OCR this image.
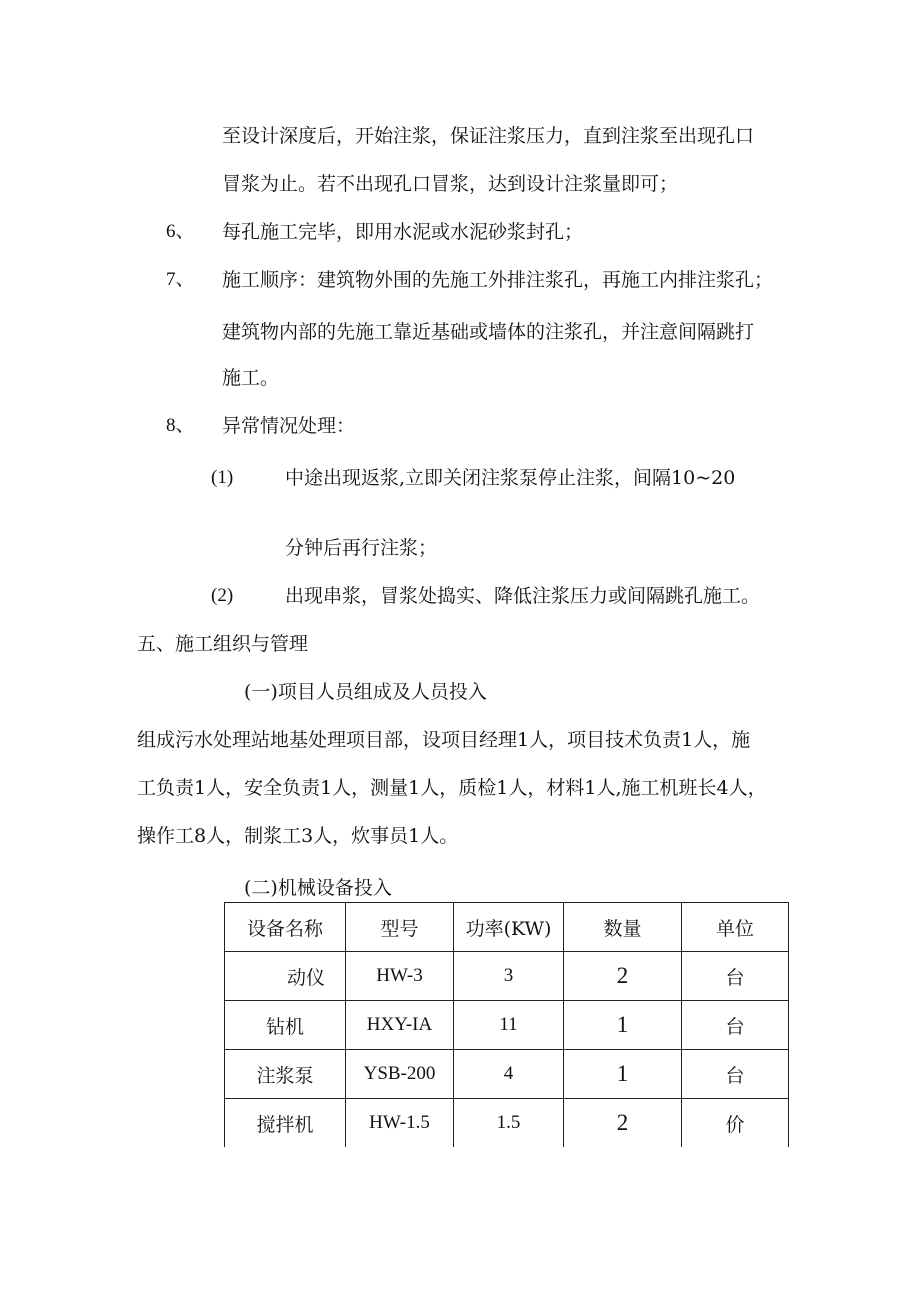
至设计深度后，开始注浆，保证注浆压力，直到注浆至出现孔口
冒浆为止。若不出现孔口冒浆，达到设计注浆量即可；
6、 每孔施工完毕，即用水泥或水泥砂浆封孔；
7、 施工顺序：建筑物外围的先施工外排注浆孔，再施工内排注浆孔；
建筑物内部的先施工靠近基础或墙体的注浆孔，并注意间隔跳打
施工。
8、 异常情况处理：
(1)	中途出现返浆,立即关闭注浆泵停止注浆，间隔10~20
分钟后再行注浆；
(2)	出现串浆，冒浆处捣实、降低注浆压力或间隔跳孔施工。
五、施工组织与管理
(一)项目人员组成及人员投入
组成污水处理站地基处理项目部，设项目经理1人，项目技术负责1人，施
工负责1人，安全负责1人，测量1人，质检1人，材料1人,施工机班长4人，
操作工8人，制浆工3人，炊事员1人。
(二)机械设备投入
设备名称	型号	功率(KW)	数量	单位
动仪	HW-3	3	2	台
钻机	HXY-IA	11	1	台
注浆泵	YSB-200	4	1	台
搅拌机	HW-1.5	1.5	2	价
